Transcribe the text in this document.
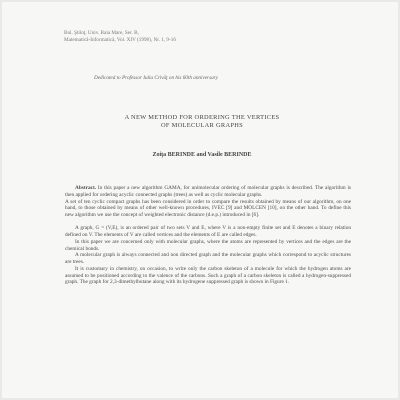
Bul. Ştiinţ. Univ. Baia Mare, Ser. B,
Matematică-Informatică, Vol. XIV (1998), Nr. 1, 9-16
Dedicated to Professor Iuliu Crivăţ on his 60th anniversary
A NEW METHOD FOR ORDERING THE VERTICES
OF MOLECULAR GRAPHS
Zoiţa BERINDE and Vasile BERINDE

Abstract. In this paper a new algorithm GAMA, for unimolecular ordering of molecular graphs is described. The algorithm is then applied for ordering acyclic connected graphs (trees) as well as cyclic molecular graphs.

A set of ten cyclic compact graphs has been considered in order to compare the results obtained by means of our algorithm, on one hand, to those obtained by means of other well-known procedures, IVEC [9] and MOLCEN [10], on the other hand. To define this new algorithm we use the concept of weighted electronic distance (d.e.p.) introduced in [6].

A graph, G = (V,E), is an ordered pair of two sets V and E, where V is a non-empty finite set and E denotes a binary relation defined on V. The elements of V are called vertices and the elements of E are called edges.

In this paper we are concerned only with molecular graphs, where the atoms are represented by vertices and the edges are the chemical bonds.

A molecular graph is always connected and non directed graph and the molecular graphs which correspond to acyclic structures are trees.

It is customary in chemistry, on occasion, to write only the carbon skeleton of a molecule for which the hydrogen atoms are assumed to be positioned according to the valence of the carbons. Such a graph of a carbon skeleton is called a hydrogen-suppressed graph. The graph for 2,3-dimethylbutane along with its hydrogene suppressed graph is shown in Figure 1.
